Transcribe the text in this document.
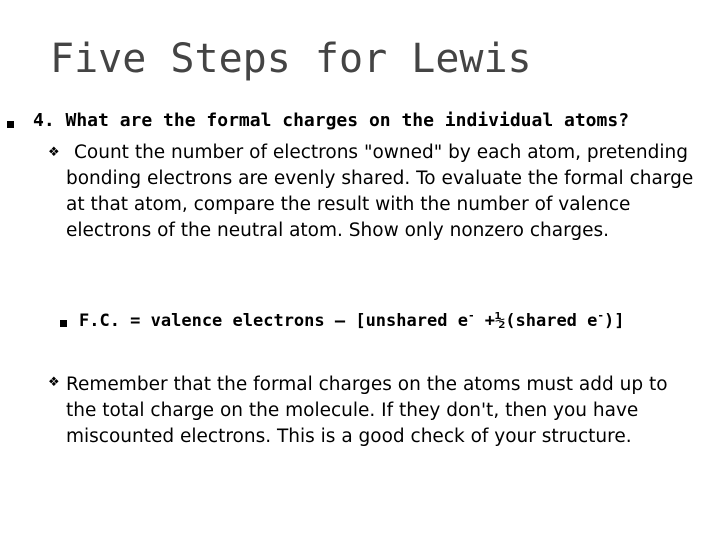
Five Steps for Lewis
4. What are the formal charges on the individual atoms?
❖ Count the number of electrons "owned" by each atom, pretending bonding electrons are evenly shared. To evaluate the formal charge at that atom, compare the result with the number of valence electrons of the neutral atom. Show only nonzero charges.
F.C. = valence electrons – [unshared e- +½(shared e-)]
❖ Remember that the formal charges on the atoms must add up to the total charge on the molecule. If they don't, then you have miscounted electrons. This is a good check of your structure.
